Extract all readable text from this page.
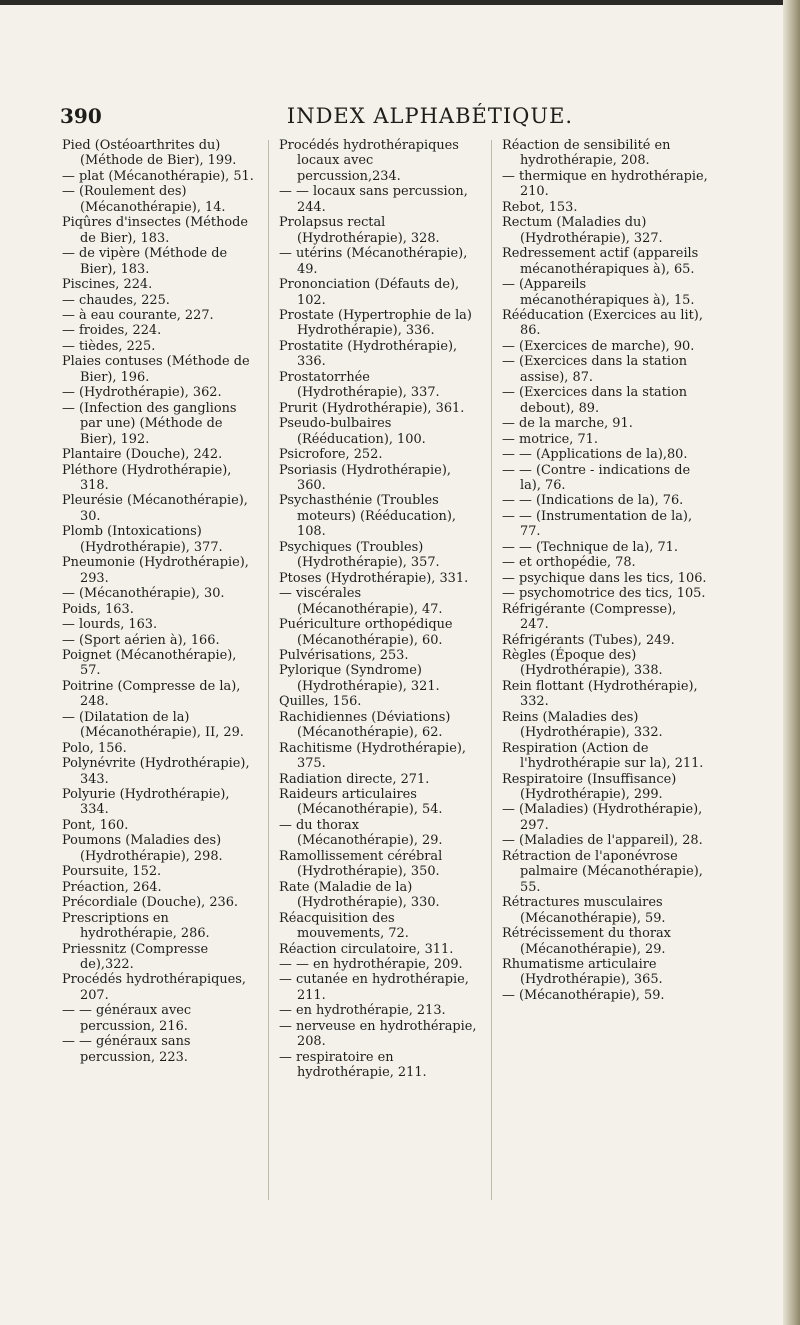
390	INDEX ALPHABÉTIQUE.
Pied (Ostéoarthrites du) (Méthode de Bier), 199.
— plat (Mécanothérapie), 51.
— (Roulement des) (Mécanothérapie), 14.
Piqûres d'insectes (Méthode de Bier), 183.
— de vipère (Méthode de Bier), 183.
Piscines, 224.
— chaudes, 225.
— à eau courante, 227.
— froides, 224.
— tièdes, 225.
Plaies contuses (Méthode de Bier), 196.
— (Hydrothérapie), 362.
— (Infection des ganglions par une) (Méthode de Bier), 192.
Plantaire (Douche), 242.
Pléthore (Hydrothérapie), 318.
Pleurésie (Mécanothérapie), 30.
Plomb (Intoxications) (Hydrothérapie), 377.
Pneumonie (Hydrothérapie), 293.
— (Mécanothérapie), 30.
Poids, 163.
— lourds, 163.
— (Sport aérien à), 166.
Poignet (Mécanothérapie), 57.
Poitrine (Compresse de la), 248.
— (Dilatation de la) (Mécanothérapie), II, 29.
Polo, 156.
Polynévrite (Hydrothérapie), 343.
Polyurie (Hydrothérapie), 334.
Pont, 160.
Poumons (Maladies des) (Hydrothérapie), 298.
Poursuite, 152.
Préaction, 264.
Précordiale (Douche), 236.
Prescriptions en hydrothérapie, 286.
Priessnitz (Compresse de),322.
Procédés hydrothérapiques, 207.
— — généraux avec percussion, 216.
— — généraux sans percussion, 223.
Procédés hydrothérapiques locaux avec percussion,234.
— — locaux sans percussion, 244.
Prolapsus rectal (Hydrothérapie), 328.
— utérins (Mécanothérapie), 49.
Prononciation (Défauts de), 102.
Prostate (Hypertrophie de la) Hydrothérapie), 336.
Prostatite (Hydrothérapie), 336.
Prostatorrhée (Hydrothérapie), 337.
Prurit (Hydrothérapie), 361.
Pseudo-bulbaires (Rééducation), 100.
Psicrofore, 252.
Psoriasis (Hydrothérapie), 360.
Psychasthénie (Troubles moteurs) (Rééducation), 108.
Psychiques (Troubles) (Hydrothérapie), 357.
Ptoses (Hydrothérapie), 331.
— viscérales (Mécanothérapie), 47.
Puériculture orthopédique (Mécanothérapie), 60.
Pulvérisations, 253.
Pylorique (Syndrome) (Hydrothérapie), 321.
Quilles, 156.
Rachidiennes (Déviations) (Mécanothérapie), 62.
Rachitisme (Hydrothérapie), 375.
Radiation directe, 271.
Raideurs articulaires (Mécanothérapie), 54.
— du thorax (Mécanothérapie), 29.
Ramollissement cérébral (Hydrothérapie), 350.
Rate (Maladie de la) (Hydrothérapie), 330.
Réacquisition des mouvements, 72.
Réaction circulatoire, 311.
— — en hydrothérapie, 209.
— cutanée en hydrothérapie, 211.
— en hydrothérapie, 213.
— nerveuse en hydrothérapie, 208.
— respiratoire en hydrothérapie, 211.
Réaction de sensibilité en hydrothérapie, 208.
— thermique en hydrothérapie, 210.
Rebot, 153.
Rectum (Maladies du) (Hydrothérapie), 327.
Redressement actif (appareils mécanothérapiques à), 65.
— (Appareils mécanothérapiques à), 15.
Rééducation (Exercices au lit), 86.
— (Exercices de marche), 90.
— (Exercices dans la station assise), 87.
— (Exercices dans la station debout), 89.
— de la marche, 91.
— motrice, 71.
— — (Applications de la),80.
— — (Contre - indications de la), 76.
— — (Indications de la), 76.
— — (Instrumentation de la), 77.
— — (Technique de la), 71.
— et orthopédie, 78.
— psychique dans les tics, 106.
— psychomotrice des tics, 105.
Réfrigérante (Compresse), 247.
Réfrigérants (Tubes), 249.
Règles (Époque des) (Hydrothérapie), 338.
Rein flottant (Hydrothérapie), 332.
Reins (Maladies des) (Hydrothérapie), 332.
Respiration (Action de l'hydrothérapie sur la), 211.
Respiratoire (Insuffisance) (Hydrothérapie), 299.
— (Maladies) (Hydrothérapie), 297.
— (Maladies de l'appareil), 28.
Rétraction de l'aponévrose palmaire (Mécanothérapie), 55.
Rétractures musculaires (Mécanothérapie), 59.
Rétrécissement du thorax (Mécanothérapie), 29.
Rhumatisme articulaire (Hydrothérapie), 365.
— (Mécanothérapie), 59.
